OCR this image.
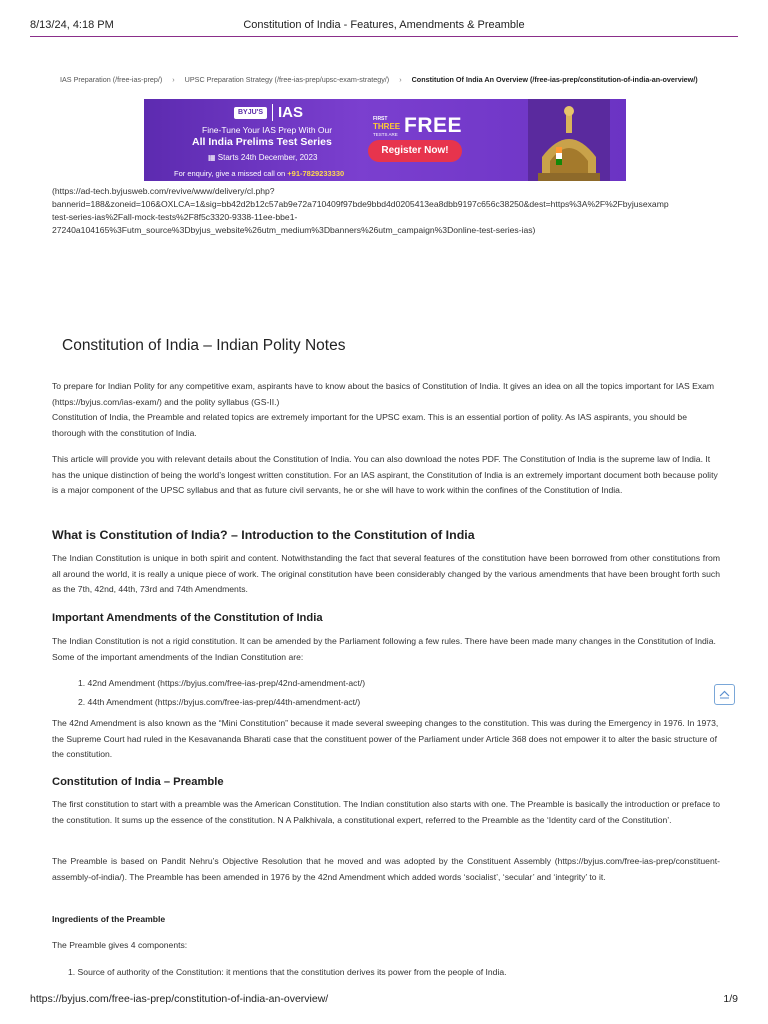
8/13/24, 4:18 PM	Constitution of India - Features, Amendments & Preamble
IAS Preparation (/free-ias-prep/) › UPSC Preparation Strategy (/free-ias-prep/upsc-exam-strategy/) › Constitution Of India An Overview (/free-ias-prep/constitution-of-india-an-overview/)
BYJU'S	IAS
Fine-Tune Your IAS Prep With Our
All India Prelims Test Series
▦ Starts 24th December, 2023
For enquiry, give a missed call on +91-7829233330
FIRST
THREE
TESTS ARE FREE
Register Now!
(https://ad-tech.byjusweb.com/revive/www/delivery/cl.php?
bannerid=188&zoneid=106&OXLCA=1&sig=bb42d2b12c57ab9e72a710409f97bde9bbd4d0205413ea8dbb9197c656c38250&dest=https%3A%2F%2Fbyjusexamp
test-series-ias%2Fall-mock-tests%2F8f5c3320-9338-11ee-bbe1-
27240a104165%3Futm_source%3Dbyjus_website%26utm_medium%3Dbanners%26utm_campaign%3Donline-test-series-ias)
Constitution of India – Indian Polity Notes

To prepare for Indian Polity for any competitive exam, aspirants have to know about the basics of Constitution of India. It gives an idea on all the topics important for IAS Exam (https://byjus.com/ias-exam/) and the polity syllabus (GS-II.)

Constitution of India, the Preamble and related topics are extremely important for the UPSC exam. This is an essential portion of polity. As IAS aspirants, you should be thorough with the constitution of India.

This article will provide you with relevant details about the Constitution of India. You can also download the notes PDF. The Constitution of India is the supreme law of India. It has the unique distinction of being the world’s longest written constitution. For an IAS aspirant, the Constitution of India is an extremely important document both because polity is a major component of the UPSC syllabus and that as future civil servants, he or she will have to work within the confines of the Constitution of India.
What is Constitution of India? – Introduction to the Constitution of India
The Indian Constitution is unique in both spirit and content. Notwithstanding the fact that several features of the constitution have been borrowed from other constitutions from all around the world, it is really a unique piece of work. The original constitution have been considerably changed by the various amendments that have been brought forth such as the 7th, 42nd, 44th, 73rd and 74th Amendments.
Important Amendments of the Constitution of India
The Indian Constitution is not a rigid constitution. It can be amended by the Parliament following a few rules. There have been made many changes in the Constitution of India. Some of the important amendments of the Indian Constitution are:
1. 42nd Amendment (https://byjus.com/free-ias-prep/42nd-amendment-act/)
2. 44th Amendment (https://byjus.com/free-ias-prep/44th-amendment-act/)
The 42nd Amendment is also known as the “Mini Constitution” because it made several sweeping changes to the constitution. This was during the Emergency in 1976. In 1973, the Supreme Court had ruled in the Kesavananda Bharati case that the constituent power of the Parliament under Article 368 does not empower it to alter the basic structure of the constitution.
Constitution of India – Preamble
The first constitution to start with a preamble was the American Constitution. The Indian constitution also starts with one. The Preamble is basically the introduction or preface to the constitution. It sums up the essence of the constitution. N A Palkhivala, a constitutional expert, referred to the Preamble as the ‘Identity card of the Constitution’.
The Preamble is based on Pandit Nehru’s Objective Resolution that he moved and was adopted by the Constituent Assembly (https://byjus.com/free-ias-prep/constituent-assembly-of-india/). The Preamble has been amended in 1976 by the 42nd Amendment which added words ‘socialist’, ‘secular’ and ‘integrity’ to it.
Ingredients of the Preamble
The Preamble gives 4 components:
1. Source of authority of the Constitution: it mentions that the constitution derives its power from the people of India.
https://byjus.com/free-ias-prep/constitution-of-india-an-overview/	1/9
